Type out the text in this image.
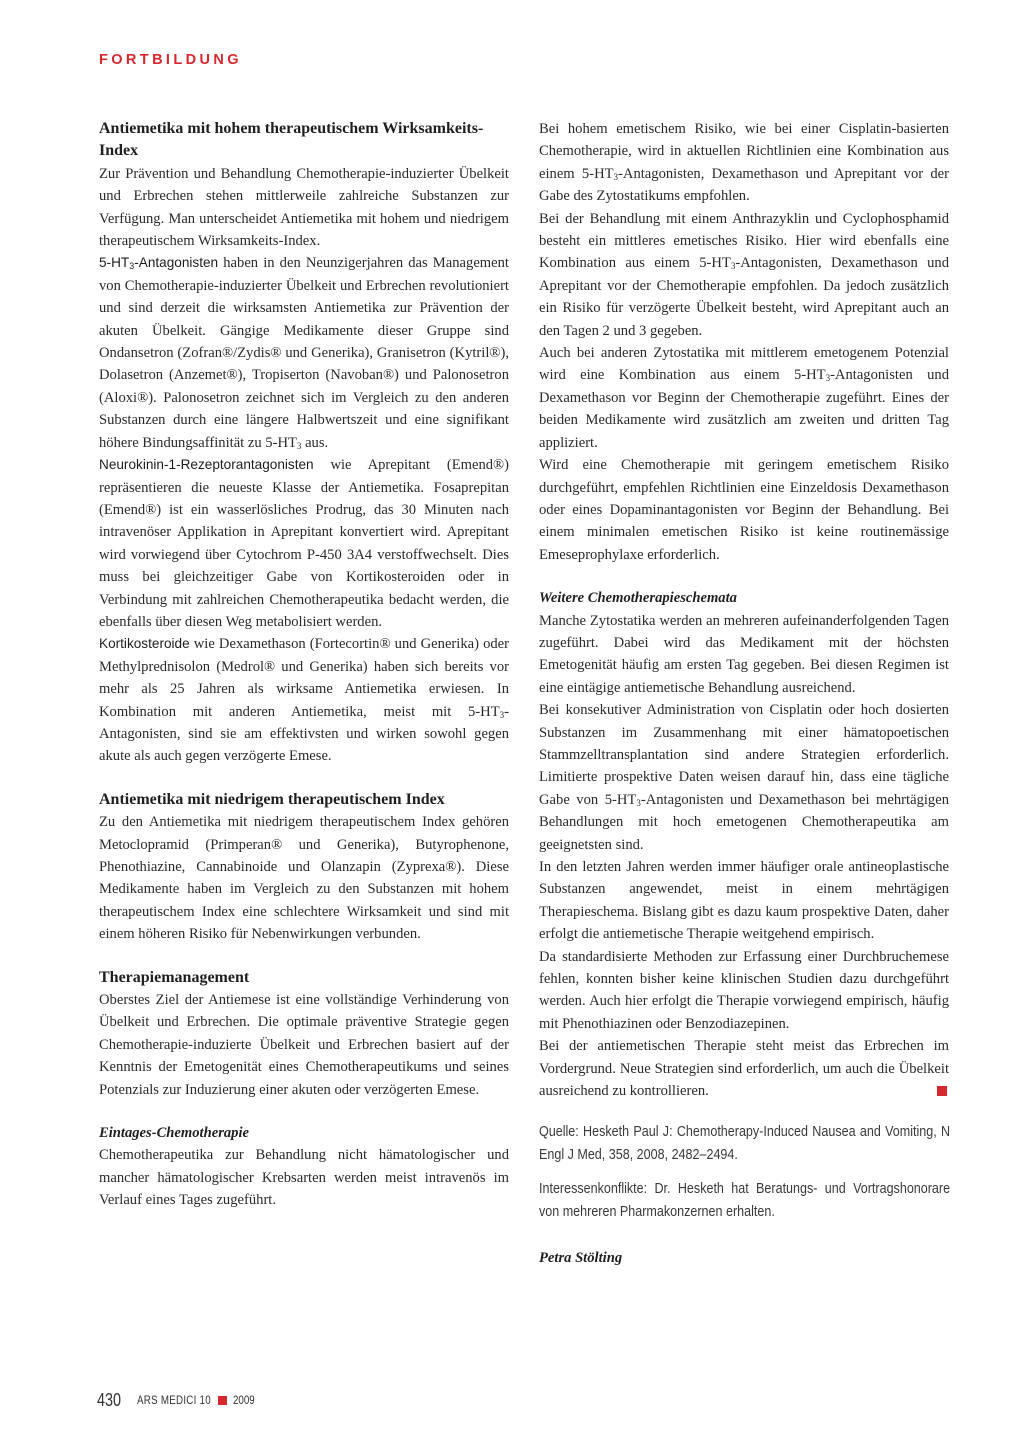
FORTBILDUNG
Antiemetika mit hohem therapeutischem Wirksamkeits-Index

Zur Prävention und Behandlung Chemotherapie-induzierter Übelkeit und Erbrechen stehen mittlerweile zahlreiche Substanzen zur Verfügung. Man unterscheidet Antiemetika mit hohem und niedrigem therapeutischem Wirksamkeits-Index.

$5-HT_3$-Antagonisten haben in den Neunzigerjahren das Management von Chemotherapie-induzierter Übelkeit und Erbrechen revolutioniert und sind derzeit die wirksamsten Antiemetika zur Prävention der akuten Übelkeit. Gängige Medikamente dieser Gruppe sind Ondansetron (Zofran®/Zydis® und Generika), Granisetron (Kytril®), Dolasetron (Anzemet®), Tropiserton (Navoban®) und Palonosetron (Aloxi®). Palonosetron zeichnet sich im Vergleich zu den anderen Substanzen durch eine längere Halbwertszeit und eine signifikant höhere Bindungsaffinität zu $5-HT_3$ aus.

Neurokinin-1-Rezeptorantagonisten wie Aprepitant (Emend®) repräsentieren die neueste Klasse der Antiemetika. Fosaprepitan (Emend®) ist ein wasserlösliches Prodrug, das 30 Minuten nach intravenöser Applikation in Aprepitant konvertiert wird. Aprepitant wird vorwiegend über Cytochrom P-450 3A4 verstoffwechselt. Dies muss bei gleichzeitiger Gabe von Kortikosteroiden oder in Verbindung mit zahlreichen Chemotherapeutika bedacht werden, die ebenfalls über diesen Weg metabolisiert werden.

Kortikosteroide wie Dexamethason (Fortecortin® und Generika) oder Methylprednisolon (Medrol® und Generika) haben sich bereits vor mehr als 25 Jahren als wirksame Antiemetika erwiesen. In Kombination mit anderen Antiemetika, meist mit $5-HT_3$-Antagonisten, sind sie am effektivsten und wirken sowohl gegen akute als auch gegen verzögerte Emese.

Antiemetika mit niedrigem therapeutischem Index

Zu den Antiemetika mit niedrigem therapeutischem Index gehören Metoclopramid (Primperan® und Generika), Butyrophenone, Phenothiazine, Cannabinoide und Olanzapin (Zyprexa®). Diese Medikamente haben im Vergleich zu den Substanzen mit hohem therapeutischem Index eine schlechtere Wirksamkeit und sind mit einem höheren Risiko für Nebenwirkungen verbunden.

Therapiemanagement

Oberstes Ziel der Antiemese ist eine vollständige Verhinderung von Übelkeit und Erbrechen. Die optimale präventive Strategie gegen Chemotherapie-induzierte Übelkeit und Erbrechen basiert auf der Kenntnis der Emetogenität eines Chemotherapeutikums und seines Potenzials zur Induzierung einer akuten oder verzögerten Emese.

Eintages-Chemotherapie

Chemotherapeutika zur Behandlung nicht hämatologischer und mancher hämatologischer Krebsarten werden meist intravenös im Verlauf eines Tages zugeführt.

Bei hohem emetischem Risiko, wie bei einer Cisplatin-basierten Chemotherapie, wird in aktuellen Richtlinien eine Kombination aus einem $5-HT_3$-Antagonisten, Dexamethason und Aprepitant vor der Gabe des Zytostatikums empfohlen.

Bei der Behandlung mit einem Anthrazyklin und Cyclophosphamid besteht ein mittleres emetisches Risiko. Hier wird ebenfalls eine Kombination aus einem $5-HT_3$-Antagonisten, Dexamethason und Aprepitant vor der Chemotherapie empfohlen. Da jedoch zusätzlich ein Risiko für verzögerte Übelkeit besteht, wird Aprepitant auch an den Tagen 2 und 3 gegeben.

Auch bei anderen Zytostatika mit mittlerem emetogenem Potenzial wird eine Kombination aus einem $5-HT_3$-Antagonisten und Dexamethason vor Beginn der Chemotherapie zugeführt. Eines der beiden Medikamente wird zusätzlich am zweiten und dritten Tag appliziert.

Wird eine Chemotherapie mit geringem emetischem Risiko durchgeführt, empfehlen Richtlinien eine Einzeldosis Dexamethason oder eines Dopaminantagonisten vor Beginn der Behandlung. Bei einem minimalen emetischen Risiko ist keine routinemässige Emeseprophylaxe erforderlich.

Weitere Chemotherapieschemata

Manche Zytostatika werden an mehreren aufeinanderfolgenden Tagen zugeführt. Dabei wird das Medikament mit der höchsten Emetogenität häufig am ersten Tag gegeben. Bei diesen Regimen ist eine eintägige antiemetische Behandlung ausreichend.

Bei konsekutiver Administration von Cisplatin oder hoch dosierten Substanzen im Zusammenhang mit einer hämatopoetischen Stammzelltransplantation sind andere Strategien erforderlich. Limitierte prospektive Daten weisen darauf hin, dass eine tägliche Gabe von $5-HT_3$-Antagonisten und Dexamethason bei mehrtägigen Behandlungen mit hoch emetogenen Chemotherapeutika am geeignetsten sind.

In den letzten Jahren werden immer häufiger orale antineoplastische Substanzen angewendet, meist in einem mehrtägigen Therapieschema. Bislang gibt es dazu kaum prospektive Daten, daher erfolgt die antiemetische Therapie weitgehend empirisch.

Da standardisierte Methoden zur Erfassung einer Durchbruchemese fehlen, konnten bisher keine klinischen Studien dazu durchgeführt werden. Auch hier erfolgt die Therapie vorwiegend empirisch, häufig mit Phenothiazinen oder Benzodiazepinen.

Bei der antiemetischen Therapie steht meist das Erbrechen im Vordergrund. Neue Strategien sind erforderlich, um auch die Übelkeit ausreichend zu kontrollieren.

Quelle: Hesketh Paul J: Chemotherapy-Induced Nausea and Vomiting, N Engl J Med, 358, 2008, 2482–2494.

Interessenkonflikte: Dr. Hesketh hat Beratungs- und Vortragshonorare von mehreren Pharmakonzernen erhalten.

Petra Stölting

430 ARS MEDICI 10 2009
